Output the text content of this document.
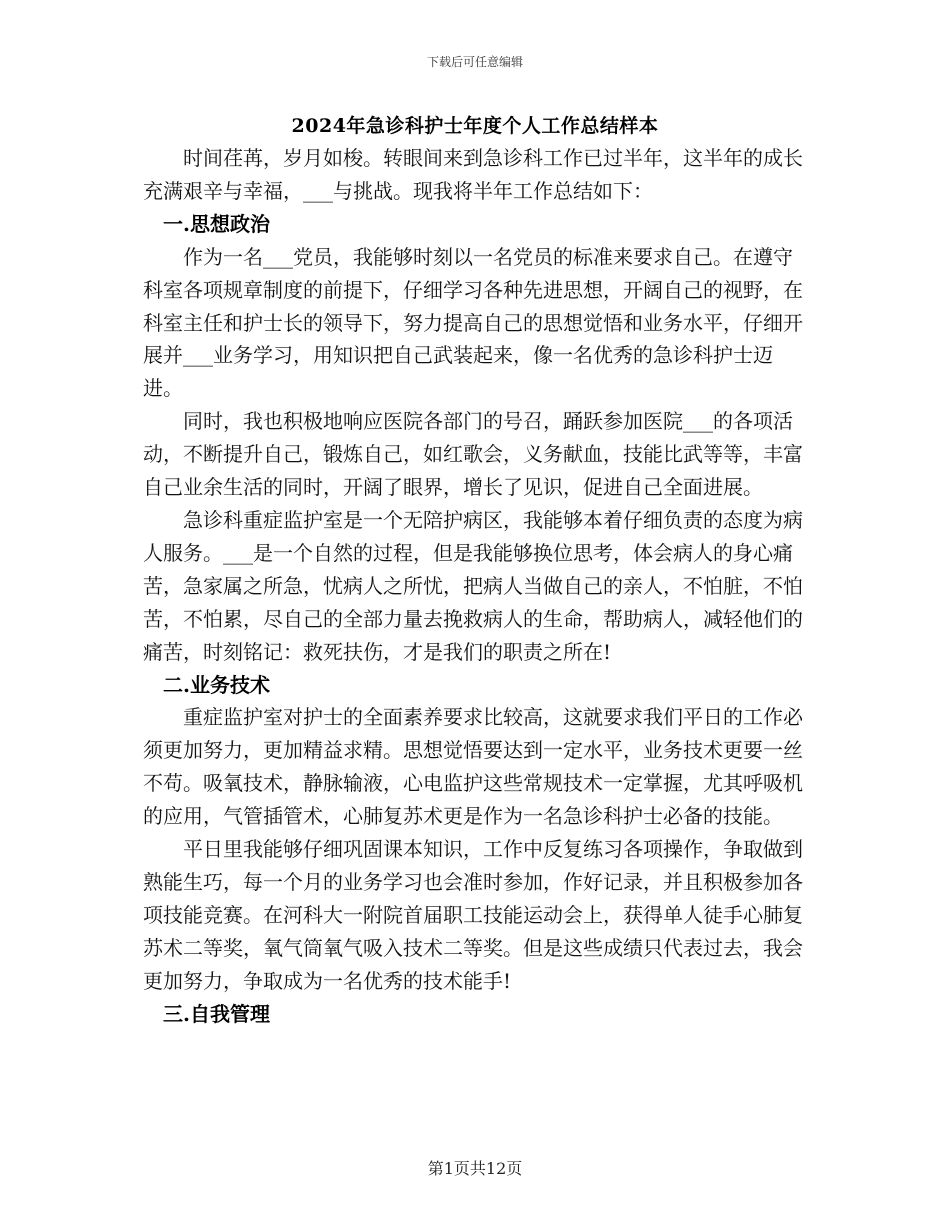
下载后可任意编辑
2024年急诊科护士年度个人工作总结样本

时间荏苒，岁月如梭。转眼间来到急诊科工作已过半年，这半年的成长充满艰辛与幸福，___与挑战。现我将半年工作总结如下：

一.思想政治

作为一名___党员，我能够时刻以一名党员的标准来要求自己。在遵守科室各项规章制度的前提下，仔细学习各种先进思想，开阔自己的视野，在科室主任和护士长的领导下，努力提高自己的思想觉悟和业务水平，仔细开展并___业务学习，用知识把自己武装起来，像一名优秀的急诊科护士迈进。

同时，我也积极地响应医院各部门的号召，踊跃参加医院___的各项活动，不断提升自己，锻炼自己，如红歌会，义务献血，技能比武等等，丰富自己业余生活的同时，开阔了眼界，增长了见识，促进自己全面进展。

急诊科重症监护室是一个无陪护病区，我能够本着仔细负责的态度为病人服务。___是一个自然的过程，但是我能够换位思考，体会病人的身心痛苦，急家属之所急，忧病人之所忧，把病人当做自己的亲人，不怕脏，不怕苦，不怕累，尽自己的全部力量去挽救病人的生命，帮助病人，减轻他们的痛苦，时刻铭记：救死扶伤，才是我们的职责之所在!

二.业务技术

重症监护室对护士的全面素养要求比较高，这就要求我们平日的工作必须更加努力，更加精益求精。思想觉悟要达到一定水平，业务技术更要一丝不苟。吸氧技术，静脉输液，心电监护这些常规技术一定掌握，尤其呼吸机的应用，气管插管术，心肺复苏术更是作为一名急诊科护士必备的技能。

平日里我能够仔细巩固课本知识，工作中反复练习各项操作，争取做到熟能生巧，每一个月的业务学习也会准时参加，作好记录，并且积极参加各项技能竞赛。在河科大一附院首届职工技能运动会上，获得单人徒手心肺复苏术二等奖，氧气筒氧气吸入技术二等奖。但是这些成绩只代表过去，我会更加努力，争取成为一名优秀的技术能手!

三.自我管理
第1页共12页
